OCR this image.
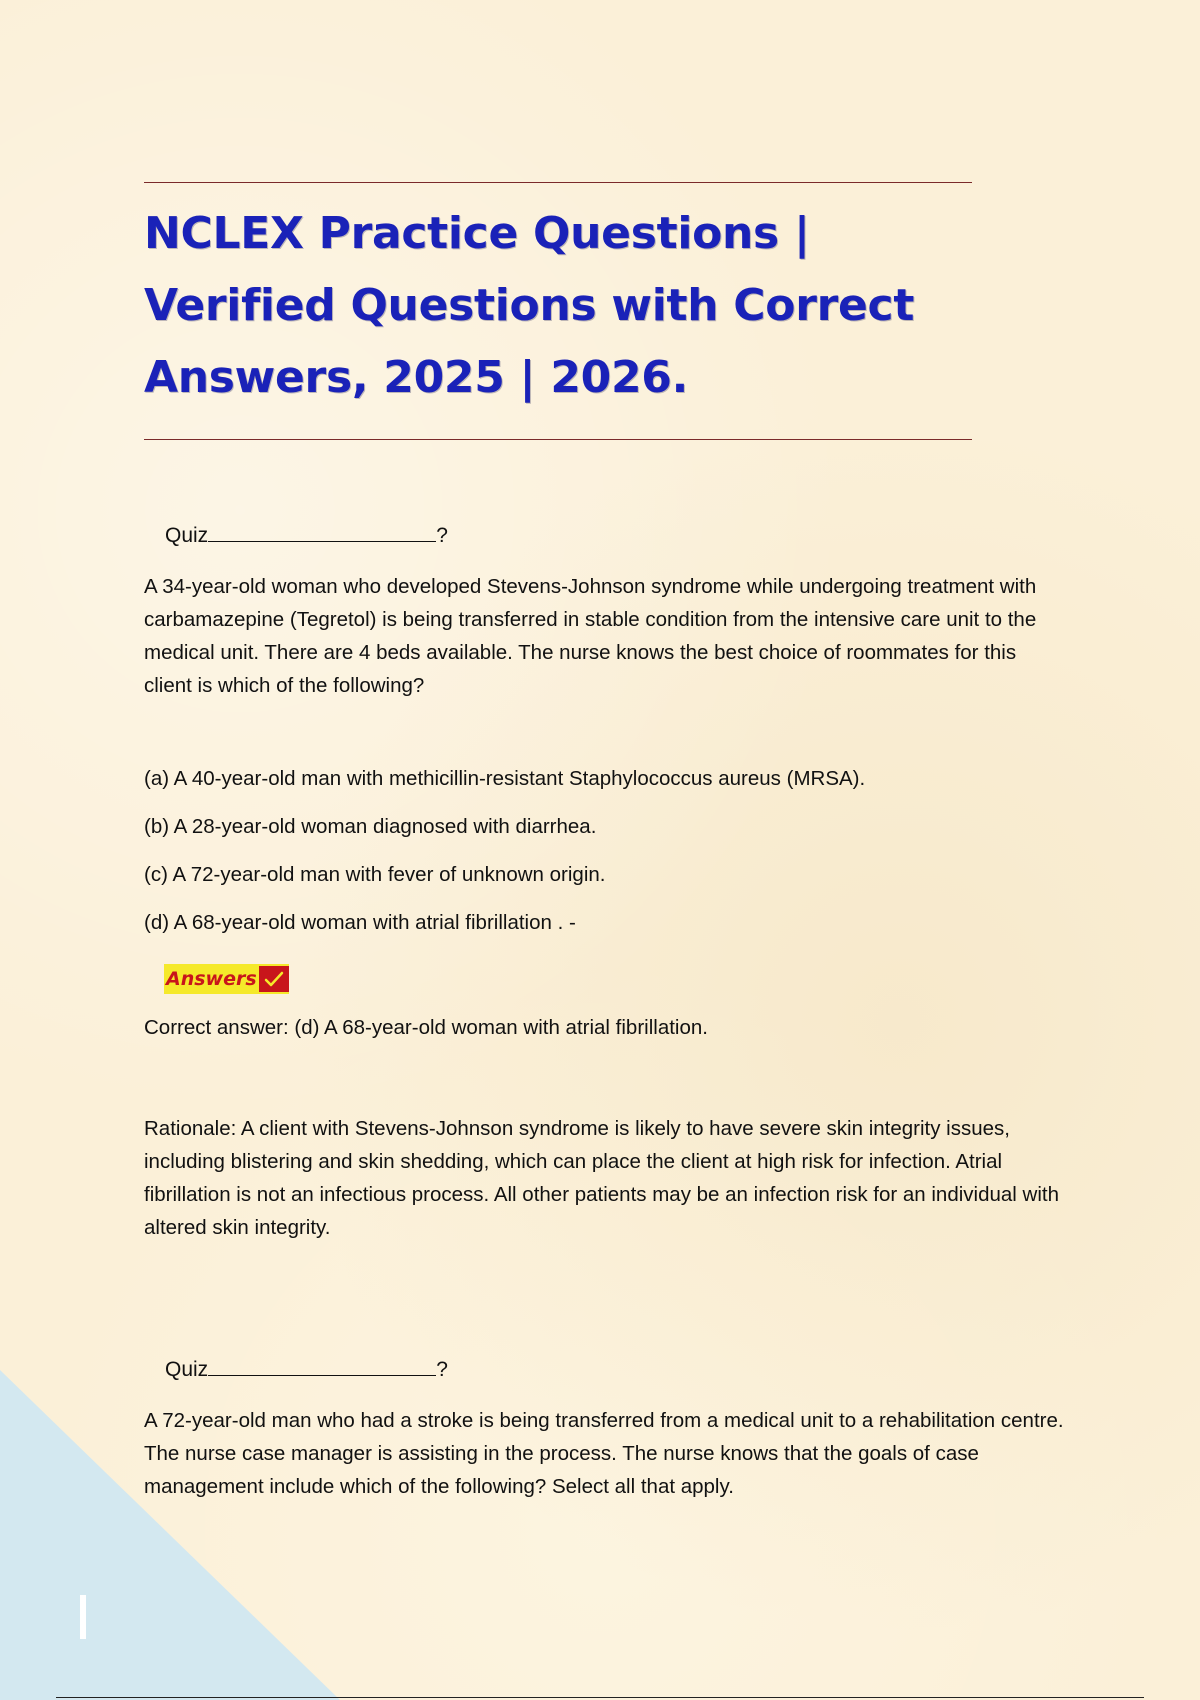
NCLEX Practice Questions | Verified Questions with Correct Answers, 2025 | 2026.
Quiz	?

A 34-year-old woman who developed Stevens-Johnson syndrome while undergoing treatment with carbamazepine (Tegretol) is being transferred in stable condition from the intensive care unit to the medical unit. There are 4 beds available. The nurse knows the best choice of roommates for this client is which of the following?

(a) A 40-year-old man with methicillin-resistant Staphylococcus aureus (MRSA).

(b) A 28-year-old woman diagnosed with diarrhea.

(c) A 72-year-old man with fever of unknown origin.

(d) A 68-year-old woman with atrial fibrillation . -

Answers

Correct answer: (d) A 68-year-old woman with atrial fibrillation.

Rationale: A client with Stevens-Johnson syndrome is likely to have severe skin integrity issues, including blistering and skin shedding, which can place the client at high risk for infection. Atrial fibrillation is not an infectious process. All other patients may be an infection risk for an individual with altered skin integrity.

Quiz	?

A 72-year-old man who had a stroke is being transferred from a medical unit to a rehabilitation centre. The nurse case manager is assisting in the process. The nurse knows that the goals of case management include which of the following? Select all that apply.
